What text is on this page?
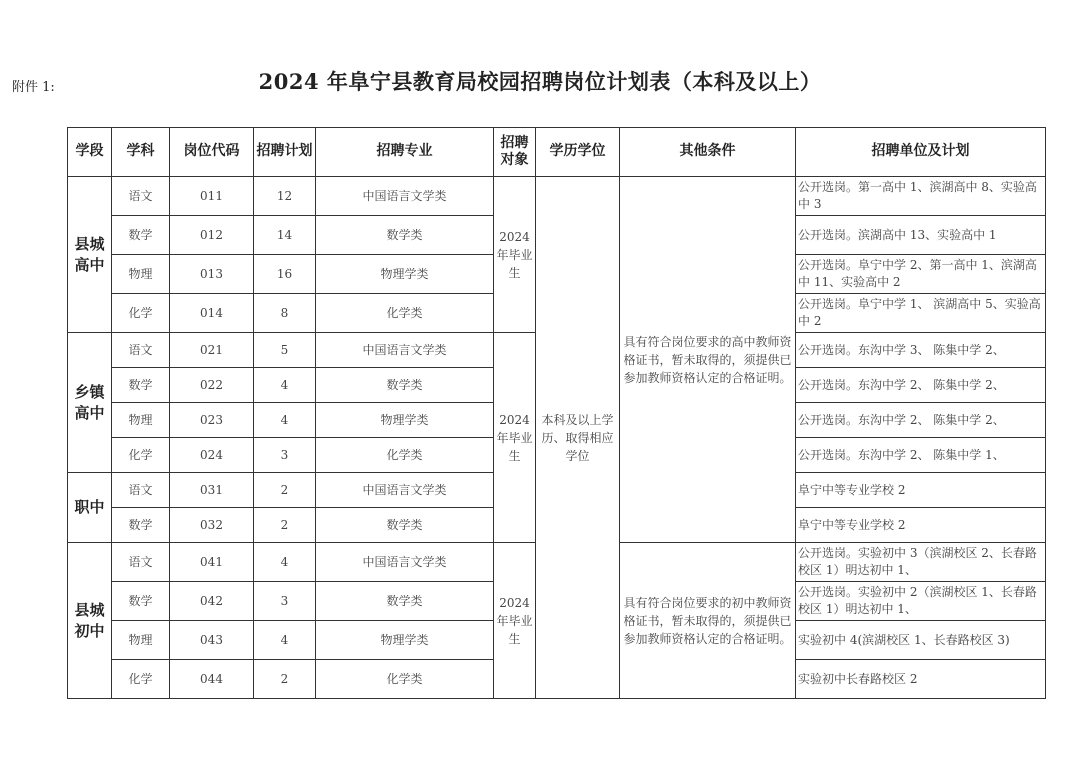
附件 1:	2024 年阜宁县教育局校园招聘岗位计划表（本科及以上）
学段	学科	岗位代码	招聘计划	招聘专业	招聘对象	学历学位	其他条件	招聘单位及计划
县城高中	语文	011	12	中国语言文学类	2024年毕业生	本科及以上学历、取得相应学位	具有符合岗位要求的高中教师资格证书，暂未取得的，须提供已参加教师资格认定的合格证明。	公开选岗。第一高中 1、滨湖高中 8、实验高中 3
	数学	012	14	数学类				公开选岗。滨湖高中 13、实验高中 1
	物理	013	16	物理学类				公开选岗。阜宁中学 2、第一高中 1、滨湖高中 11、实验高中 2
	化学	014	8	化学类				公开选岗。阜宁中学 1、 滨湖高中 5、实验高中 2
乡镇高中	语文	021	5	中国语言文学类	2024年毕业生			公开选岗。东沟中学 3、 陈集中学 2、
	数学	022	4	数学类				公开选岗。东沟中学 2、 陈集中学 2、
	物理	023	4	物理学类				公开选岗。东沟中学 2、 陈集中学 2、
	化学	024	3	化学类				公开选岗。东沟中学 2、 陈集中学 1、
职中	语文	031	2	中国语言文学类				阜宁中等专业学校 2
	数学	032	2	数学类				阜宁中等专业学校 2
县城初中	语文	041	4	中国语言文学类	2024年毕业生		具有符合岗位要求的初中教师资格证书，暂未取得的，须提供已参加教师资格认定的合格证明。	公开选岗。实验初中 3（滨湖校区 2、长春路校区 1）明达初中 1、
	数学	042	3	数学类				公开选岗。实验初中 2（滨湖校区 1、长春路校区 1）明达初中 1、
	物理	043	4	物理学类				实验初中 4(滨湖校区 1、长春路校区 3)
	化学	044	2	化学类				实验初中长春路校区 2
